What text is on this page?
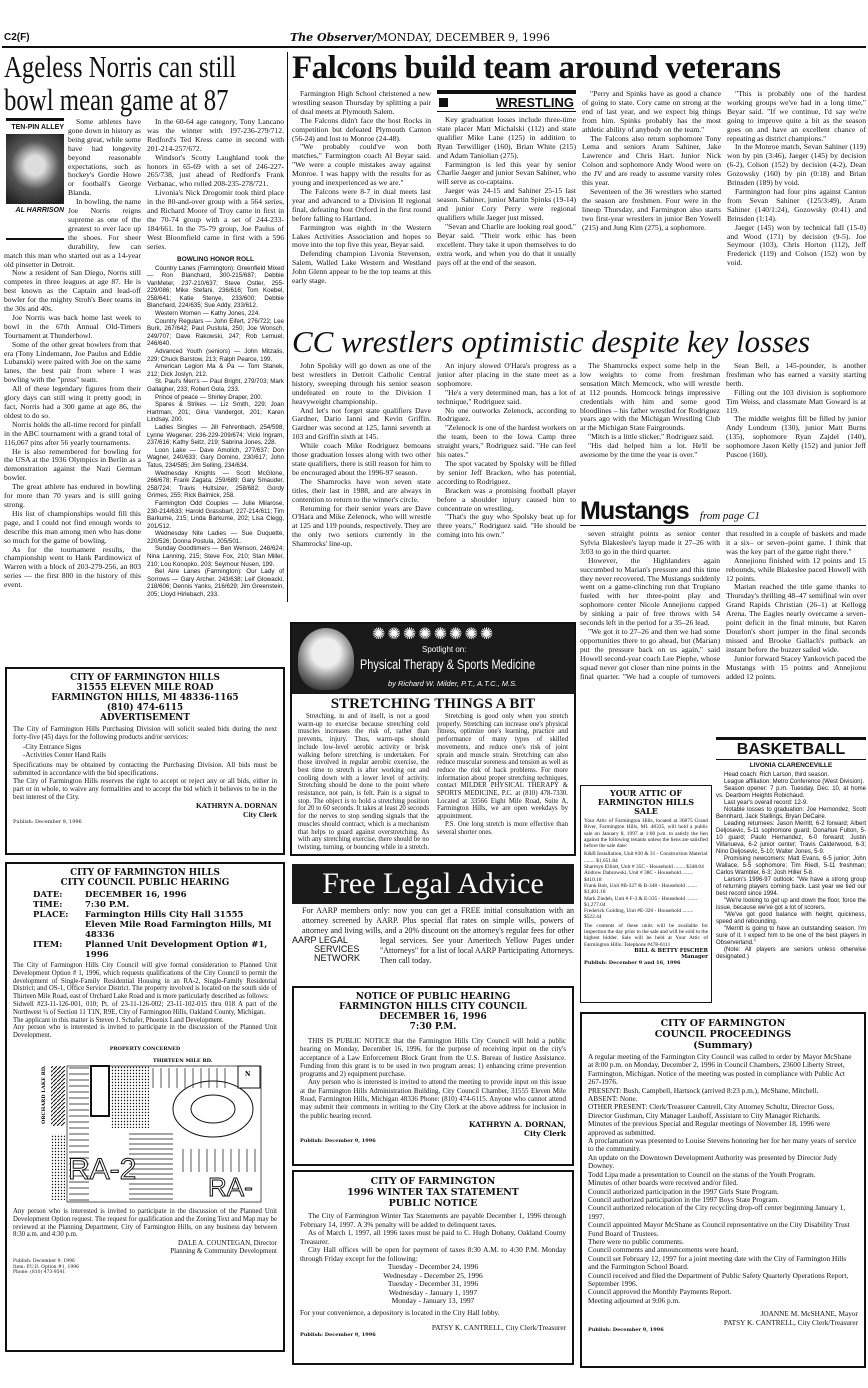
C2(F)	The Observer/MONDAY, DECEMBER 9, 1996
Ageless Norris can still bowl mean game at 87
TEN-PIN ALLEY
AL HARRISON

Some athletes have gone down in history as being great, while some have had longevity beyond reasonable expectations, such as hockey's Gordie Howe or football's George Blanda.

In bowling, the name Joe Norris reigns supreme as one of the greatest to ever lace up the shoes. For sheer durability, few can match this man who started out as a 14-year old pinsetter in Detroit.

Now a resident of San Diego, Norris still competes in three leagues at age 87. He is best known as the Captain and lead-off bowler for the mighty Stroh's Beer teams in the 30s and 40s.

Joe Norris was back home last week to bowl in the 67th Annual Old-Timers Tournament at Thunderbowl.

Some of the other great bowlers from that era (Tony Lindemann, Joe Paulus and Eddie Lubanski) were paired with Joe on the same lanes, the best pair from where I was bowling with the "press" team.

All of these legendary figures from their glory days can still wing it pretty good; in fact, Norris had a 300 game at age 86, the oldest to do so.

Norris holds the all-time record for pinfall in the ABC tournament with a grand total of 116,067 pins after 56 yearly tournaments.

He is also remembered for bowling for the USA at the 1936 Olympics in Berlin as a demonstration against the Nazi German bowler.

The great athlete has endured in bowling for more than 70 years and is still going strong.

His list of championships would fill this page, and I could not find enough words to describe this man among men who has done so much for the game of bowling.

As for the tournament results, the championship went to Hank Pardinowicz of Warren with a block of 203-279-256, an 803 series — the first 800 in the history of this event.

In the 60-64 age category, Tony Lancano was the winner with 197-236-279/712. Redford's Ted Kress came in second with 201-214-257/672.

Windsor's Scotty Laughland took the honors in 65-69 with a set of 246-227-265/738, just ahead of Redford's Frank Verbanac, who rolled 208-235-278/721.

Livonia's Nick Drogomir took third place in the 80-and-over group with a 564 series, and Richard Moore of Troy came in first in the 70-74 group with a set of 244-233-184/661. In the 75-79 group, Joe Paulus of West Bloomfield came in first with a 596 series.

BOWLING HONOR ROLL

Country Lanes (Farmington): Greenfield Mixed — Ron Blanchard, 300-215/687; Debbie VanMeter, 237-210/637; Steve Ostler, 255-229/086; Mike Stefani, 236/616; Tom Koebel, 258/641; Katie Stenye, 233/600; Debbie Blanchard, 224/635; Sue Addy, 233/612.

Western Women — Kathy Jones, 224.

Country Regulars — John Eifert, 276/722; Lee Burk, 267/642; Paul Pustula, 250; Joe Wonsch, 249/707; Dave Rakowski, 247; Rob Lemuel, 246/640.

Advanced Youth (seniors) — John Mitzalis, 229; Chuck Barstow, 213; Ralph Pearce, 199.

American Legion Ma & Pa — Tom Stanek, 212; Dick Joslyn, 212.

St. Paul's Men's — Paul Bright, 279/703; Mark Gallagher, 233; Robert Gola, 233.

Prince of peace — Shirley Draper, 200.

Spares & Strikes — Liz Smith, 229; Joan Hartman, 201; Gina Vandergot, 201; Karen Lindsay, 200.

Ladies Singles — Jill Fehrenbach, 254/598; Lynne Wegener, 236-229-209/674; Vicki Ingram, 237/616; Kathy Seitz, 219; Sabrina Jones, 228.

Loon Lake — Dave Amolich, 277/637; Don Wagner, 240/633; Gary Domino, 230/617; John Tatus, 234/585; Jim Selling, 234/634.

Wednesday Knights — Scott McGlone, 266/678; Frank Zagata, 259/689; Gary Smauder, 258/724; Travis Hultsizer, 258/682; Gordy Grimes, 255; Rick Balmick, 258.

Farmington Odd Couples — Julie Milarose, 230-214/633; Harold Grassbart, 227-214/611; Tim Barkume, 215; Linda Barkume, 202; Lisa Clegg, 201/512.

Wednesday Nite Ladies — Sue Duquette, 220/526; Donna Postula, 205/501.

Sunday Goodtimers — Ben Wenson, 248/624; Nina Lanning, 215; Steve Fox, 210; Stan Miller, 210; Lou Konopko, 203; Seymour Nusen, 199.

Bel Aire Lanes (Farmington): Our Lady of Sorrows — Gary Archer, 243/638; Leif Glowacki, 218/606; Dennis Yanks, 216/629; Jim Greenstein, 205; Lloyd Hirlebach, 233.

Falcons build team around veterans

Farmington High School christened a new wrestling season Thursday by splitting a pair of dual meets at Plymouth Salem.

The Falcons didn't face the host Rocks in competition but defeated Plymouth Canton (56-24) and lost to Monroe (24-48).

"We probably could've won both matches," Farmington coach Al Beyar said. "We were a couple mistakes away against Monroe. I was happy with the results for as young and inexperienced as we are."

The Falcons were 8-7 in dual meets last year and advanced to a Division II regional final, defeating host Oxford in the first round before falling to Hartland.

Farmington was eighth in the Western Lakes Activities Association and hopes to move into the top five this year, Beyar said.

Defending champion Livonia Stevenson, Salem, Walled Lake Western and Westland John Glenn appear to be the top teams at this early stage.

WRESTLING

Key graduation losses include three-time state placer Matt Michalski (112) and state qualifier Mike Lane (125) in addition to Ryan Terwilliger (160), Brian White (215) and Adam Taniolian (275).

Farmington is led this year by senior Charlie Jaeger and junior Sevan Sahiner, who will serve as co-captains.

Jaeger was 24-15 and Sahiner 25-15 last season. Sahiner, junior Martin Spinks (19-14) and junior Cory Perry were regional qualifiers while Jaeger just missed.

"Sevan and Charlie are looking real good," Beyar said. "Their work ethic has been excellent. They take it upon themselves to do extra work, and when you do that it usually pays off at the end of the season.

"Perry and Spinks have as good a chance of going to state. Cory came on strong at the end of last year, and we expect big things from him. Spinks probably has the most athletic ability of anybody on the team."

The Falcons also return sophomore Tony Lema and seniors Aram Sahiner, Jake Lawrence and Chris Hart. Junior Nick Colson and sophomore Andy Wood were on the JV and are ready to assume varsity roles this year.

Seventeen of the 36 wrestlers who started the season are freshmen. Four were in the lineup Thursday, and Farmington also starts two first-year wrestlers in junior Ben Yowell (215) and Jung Kim (275), a sophomore.

"This is probably one of the hardest working groups we've had in a long time," Beyar said. "If we continue, I'd say we're going to improve quite a bit as the season goes on and have an excellent chance of repeating as district champions."

In the Monroe match, Sevan Sahiner (119) won by pin (3:46), Jaeger (145) by decision (6-2), Colson (152) by decision (4-2), Dean Gozowsky (160) by pin (0:18) and Brian Brinsden (189) by void.

Farmington had four pins against Canton from Sevan Sahiner (125/3:49), Aram Sahiner (140/1:24), Gozowsky (0:41) and Brinsden (1:14).

Jaeger (145) won by technical fall (15-0) and Wood (171) by decision (9-5). Joe Seymour (103), Chris Horton (112), Jeff Frederick (119) and Colson (152) won by void.

CC wrestlers optimistic despite key losses

John Spolsky will go down as one of the best wrestlers in Detroit Catholic Central history, sweeping through his senior season undefeated en route to the Division I heavyweight championship.

And let's not forget state qualifiers Dave Gardner, Dario Ianni and Kevin Griffin. Gardner was second at 125, Ianni seventh at 103 and Griffin sixth at 145.

While coach Mike Rodriguez bemoans those graduation losses along with two other state qualifiers, there is still reason for him to be encouraged about the 1996-97 season.

The Shamrocks have won seven state titles, their last in 1988, and are always in contention to return to the winner's circle.

Returning for their senior years are Dave O'Hara and Mike Zelenock, who will wrestle at 125 and 119 pounds, respectively. They are the only two seniors currently in the Shamrocks' line-up.

An injury slowed O'Hara's progress as a junior after placing in the state meet as a sophomore.

"He's a very determined man, has a lot of technique," Rodriguez said.

No one outworks Zelenock, according to Rodriguez.

"Zelenock is one of the hardest workers on the team, been to the Iowa Camp three straight years," Rodriguez said. "He can feel his oates."

The spot vacated by Spolsky will be filled by senior Jeff Bracken, who has potential, according to Rodriguez.

Bracken was a promising football player before a shoulder injury caused him to concentrate on wrestling.

"That's the guy who Spolsky beat up for three years," Rodriguez said. "He should be coming into his own."

The Shamrocks expect some help in the low weights to come from freshman sensation Mitch Memcock, who will wrestle at 112 pounds. Homcock brings impressive credentials with him and some good bloodlines – his father wrestled for Rodriguez years ago with the Michigan Wrestling Club at the Michigan State Fairgrounds.

"Mitch is a little slicker," Rodriguez said.

"His dad helped him a lot. He'll be awesome by the time the year is over."

Sean Bell, a 145-pounder, is another freshman who has earned a varsity starting berth.

Filling out the 103 division is sophomore Tim Weiss, and classmate Matt Goward is at 119.

The middle weights fill be filled by junior Andy Londrum (130), junior Matt Burns (135), sophomore Ryan Zajdel (140), sophomore Jason Kelly (152) and junior Jeff Puscoe (160).

Mustangs from page C1

seven straight points as senior center Sylvia Blakeslee's layup made it 27–26 with 3:03 to go in the third quarter.

However, the Highlanders again succumbed to Marian's pressure and this time they never recovered. The Mustangs suddenly went on a game-clinching run that Trupiano fueled with her three-point play and sophomore center Nicole Annejionu capped by sinking a pair of free throws with 54 seconds left in the period for a 35–26 lead.

"We got it to 27–26 and then we had some opportunities there to go ahead, but (Marian) put the pressure back on us again," said Howell second-year coach Lee Piephe, whose squad never got closer than nine points in the final quarter. "We had a couple of turnovers that resulted in a couple of baskets and made it a six– or seven–point game. I think that was the key part of the game right there."

Annejionu finished with 12 points and 15 rebounds, while Blakeslee paced Howell with 12 points.

Marian reached the title game thanks to Thursday's thrilling 48–47 semifinal win over Grand Rapids Christian (26–1) at Kellogg Arena. The Eagles nearly overcame a seven-point deficit in the final minute, but Karen Dourlon's short jumper in the final seconds missed and Brooke Gallach's putback an instant before the buzzer sailed wide.

Junior forward Stacey Yankovich paced the Mustangs with 15 points and Annejionu added 12 points.

✺✺✺✺✺✺✺✺
Spotlight on:
Physical Therapy & Sports Medicine
by Richard W. Milder, P.T., A.T.C., M.S.
STRETCHING THINGS A BIT

Stretching, in and of itself, is not a good warm-up to exercise because stretching cold muscles increases the risk of, rather than prevents, injury. Thus, warm-ups should include low-level aerobic activity or brisk walking before stretching is undertaken. For those involved in regular aerobic exercise, the best time to stretch is after working out and cooling down with a lower level of activity. Stretching should be done to the point where resistance, not pain, is felt. Pain is a signal to stop. The object is to hold a stretching position for 20 to 60 seconds. It takes at least 20 seconds for the nerves to stop sending signals that the muscles should contract, which is a mechanism that helps to guard against overstretching. As with any stretching exercise, there should be no twisting, turning, or bouncing while in a stretch.

Stretching is good only when you stretch properly. Stretching can increase one's physical fitness, optimize one's learning, practice and performance of many types of skilled movements, and reduce one's risk of joint sprain and muscle strain. Stretching can also reduce muscular soreness and tension as well as reduce the risk of back problems. For more information about proper stretching techniques, contact MILDER PHYSICAL THERAPY & SPORTS MEDICINE, P.C. at (810) 478-7330. Located at 33566 Eight Mile Road, Suite A, Farmington Hills, we are open weekdays by appointment.

P.S. One long stretch is more effective than several shorter ones.

Free Legal Advice
AARP LEGAL
SERVICES
NETWORK
For AARP members only: now you can get a FREE initial consultation with an attorney screened by AARP. Plus special flat rates on simple wills, powers of attorney and living wills, and a 20% discount on the attorney's regular fees for other legal services. See your Ameritech Yellow Pages under "Attorneys" for a list of local AARP Participating Attorneys. Then call today.
NOTICE OF PUBLIC HEARING
FARMINGTON HILLS CITY COUNCIL
DECEMBER 16, 1996
7:30 P.M.

THIS IS PUBLIC NOTICE that the Farmington Hills City Council will hold a public hearing on Monday, December 16, 1996, for the purpose of receiving input on the city's acceptance of a Law Enforcement Block Grant from the U.S. Bureau of Justice Assistance. Funding from this grant is to be used in two program areas; 1) enhancing crime prevention programs and 2) equipment purchase.

Any person who is interested is invited to attend the meeting to provide input on this issue at the Farmington Hills Administration Building, City Council Chamber, 31555 Eleven Mile Road, Farmington Hills, Michigan 48336 Phone: (810) 474-6115. Anyone who cannot attend may submit their comments in writing to the City Clerk at the above address for inclusion in the public hearing record.

KATHRYN A. DORNAN,
City Clerk
Publish: December 9, 1996
CITY OF FARMINGTON
1996 WINTER TAX STATEMENT
PUBLIC NOTICE

The City of Farmington Winter Tax Statements are payable December 1, 1996 through February 14, 1997. A 3% penalty will be added to delinquent taxes.

As of March 1, 1997, all 1996 taxes must be paid to C. Hugh Dohany, Oakland County Treasurer.

City Hall offices will be open for payment of taxes 8:30 A.M. to 4:30 P.M. Monday through Friday except for the following:

Tuesday - December 24, 1996
Wednesday - December 25, 1996
Tuesday - December 31, 1996
Wednesday - January 1, 1997
Monday - January 13, 1997
For your convenience, a depository is located in the City Hall lobby.
PATSY K. CANTRELL, City Clerk/Treasurer
Publish: December 9, 1996
YOUR ATTIC OF
FARMINGTON HILLS
SALE
Your Attic of Farmington Hills, located at 36875 Grand River, Farmington Hills, MI. 48335, will hold a public sale on January 8, 1997 at 1:00 p.m. to satisfy the lien against the following tenants unless the liens are satisfied before the sale date:
K&B Installation, Unit #20 & 31 - Construction Material ........ $1,651.84
Sharmyn Elliott, Unit # 35C - Household ........ $348.04
Andrew Dabrowski, Unit # 38C - Household ........ $410.18
Frank Bob, Unit #B-327 & B-348 - Household ........ $1,401.18
Mark Ziedeh, Unit # F-3 & E-335 - Household ........ $1,277.04
Frederick Golding, Unit #E-320 - Household ........ $522.44
The contents of these units will be available for inspection the day prior to the sale and will be sold to the highest bidder. Sale will be held at Your Attic of Farmington Hills. Telephone #478-0111
BILL & BETTY FISCHER
Manager
Publish: December 9 and 16, 1996
BASKETBALL
LIVONIA CLARENCEVILLE

Head coach: Rich Larson, third season.

League affiliation: Metro Conference (West Division).

Season opener: 7 p.m. Tuesday, Dec. 10, at home vs. Dearborn Heights Robichaud.

Last year's overall record: 12-9.

Notable losses to graduation: Joe Hernondez, Scott Bennhard, Jack Stallings, Bryan DeCaire.

Leading returnees: Jason Merritt, 6-2 forward; Albert Deljosevic, 5-11 sophomore guard; Donahue Fulton, 5-10 guard; Paulo Hernandez, 6-0 forward; Justin Villanueva, 6-2 junior center; Travis Calderwood, 6-3; Nino Deljosevic, 5-10; Walter Jones, 5-9.

Promising newcomers: Matt Evans, 6-5 junior; John Wallace, 5-5 sophomore; Tim Riedl, 5-11 freshman; Carlos Wambler, 6-3; Josh Hiller 5-8.

Larson's 1996-97 outlook: "We have a strong group of returning players coming back. Last year we tied our best record since 1994.

"We're looking to get up and down the floor, force the issue, because we've got a lot of scorers.

"We've got good balance with height, quickness, speed and rebounding.

"Merritt is going to have an outstanding season. I'm sure of it. I expect him to be one of the best players in Observerland."

(Note: All players are seniors unless otherwise designated.)

CITY OF FARMINGTON
COUNCIL PROCEEDINGS
(Summary)

A regular meeting of the Farmington City Council was called to order by Mayor McShane at 8:00 p.m. on Monday, December 2, 1996 in Council Chambers, 23600 Liberty Street, Farmington, Michigan. Notice of the meeting was posted in compliance with Public Act 267-1976.

PRESENT: Bush, Campbell, Hartsock (arrived 8:23 p.m.), McShane, Mitchell.

ABSENT: None.

OTHER PRESENT: Clerk/Treasurer Cantrell, City Attorney Schultz, Director Goss, Director Gushman, City Manager Lauhoff, Assistant to City Manager Richards.

Minutes of the previous Special and Regular meetings of November 18, 1996 were approved as submitted.

A proclamation was presented to Louise Stevens honoring her for her many years of service to the community.

An update on the Downtown Development Authority was presented by Director Judy Downey.

Todd Lipa made a presentation to Council on the status of the Youth Program.

Minutes of other boards were received and/or filed.

Council authorized participation in the 1997 Girls State Program.

Council authorized participation in the 1997 Boys State Program.

Council authorized relocation of the City recycling drop-off center beginning January 1, 1997.

Council appointed Mayor McShane as Council representative on the City Disability Trust Fund Board of Trustees.

There were no public comments.

Council comments and announcements were heard.

Council set February 12, 1997 for a joint meeting date with the City of Farmington Hills and the Farmington School Board.

Council received and filed the Department of Public Safety Quarterly Operations Report, September 1996.

Council approved the Monthly Payments Report.

Meeting adjourned at 9:06 p.m.

JOANNE M. McSHANE, Mayor
PATSY K. CANTRELL, City Clerk/Treasurer
Publish: December 9, 1996
CITY OF FARMINGTON HILLS
31555 ELEVEN MILE ROAD
FARMINGTON HILLS, MI 48336-1165
(810) 474-6115
ADVERTISEMENT
The City of Farmington Hills Purchasing Division will solicit sealed bids during the next forty-five (45) days for the following products and/or services:
-City Entrance Signs
-Activities Center Hand Rails

Specifications may be obtained by contacting the Purchasing Division. All bids must be submitted in accordance with the bid specifications.

The City of Farmington Hills reserves the right to accept or reject any or all bids, either in part or in whole, to waive any formalities and to accept the bid which it believes to be in the best interest of the City.

KATHRYN A. DORNAN
City Clerk
Publish: December 9, 1996
CITY OF FARMINGTON HILLS
CITY COUNCIL PUBLIC HEARING
DATE:	DECEMBER 16, 1996
TIME:	7:30 P.M.
PLACE:	Farmington Hills City Hall 31555 Eleven Mile Road Farmington Hills, MI 48336
ITEM:	Planned Unit Development Option #1, 1996

The City of Farmington Hills City Council will give formal consideration to Planned Unit Development Option # 1, 1996, which requests qualifications of the City Council to permit the development of Single-Family Residential Housing in an RA-2, Single-Family Residential District; and OS-1, Office Service District. The property involved is located on the south side of Thirteen Mile Road, east of Orchard Lake Road and is more particularly described as follows:

Sidwell #23-11-126-001, 010; Pt. of 23-11-126-002; 23-11-102-015 thru 018 A part of the Northwest ¼ of Section 11 T1N, R9E, City of Farmington Hills, Oakland County, Michigan.

The applicant in this matter is Steven J. Schafer, Phoenix Land Development.

Any person who is interested is invited to participate in the discussion of the Planned Unit Development.

PROPERTY CONCERNED
THIRTEEN MILE RD.
ORCHARD LAKE RD.	N
RA-2
RA-
Any person who is interested is invited to participate in the discussion of the Planned Unit Development Option request. The request for qualification and the Zoning Text and Map may be reviewed at the Planning Department, City of Farmington Hills, on any business day between 8:30 a.m. and 4:30 p.m.
DALE A. COUNTEGAN, Director
Planning & Community Development
Publish: December 9, 1996
Item: P.U.D. Option #1, 1996
Phone: (810) 473-9541
